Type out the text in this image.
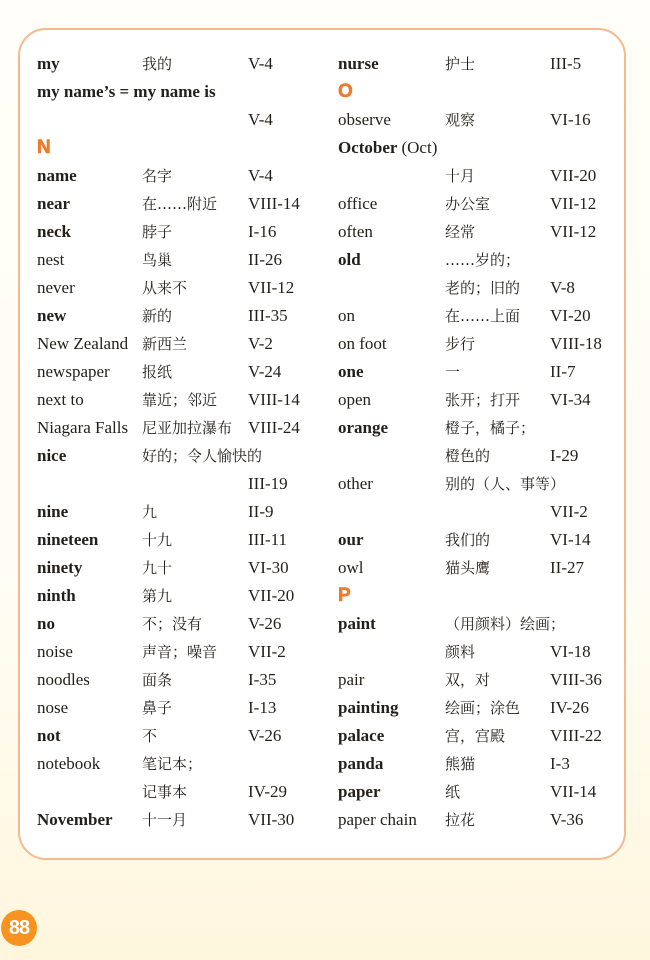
my	我的	V-4
my name’s = my name is
V-4
N
name	名字	V-4
near	在……附近 VIII-14
neck	脖子	I-16
nest	鸟巢	II-26
never	从来不	VII-12
new	新的	III-35
New Zealand 新西兰	V-2
newspaper 报纸	V-24
next to	靠近；邻近 VIII-14
Niagara Falls 尼亚加拉瀑布 VIII-24
nice	好的；令人愉快的
III-19
nine	九	II-9
nineteen	十九	III-11
ninety	九十	VI-30
ninth	第九	VII-20
no	不；没有	V-26
noise	声音；噪音 VII-2
noodles	面条	I-35
nose	鼻子	I-13
not	不	V-26
notebook	笔记本；
记事本	IV-29
November 十一月	VII-30
nurse	护士	III-5
O
observe	观察	VI-16
October (Oct)
十月	VII-20
office	办公室	VII-12
often	经常	VII-12
old	……岁的；
老的；旧的 V-8
on	在……上面 VI-20
on foot	步行	VIII-18
one	一	II-7
open	张开；打开 VI-34
orange	橙子，橘子；
橙色的	I-29
other	别的（人、事等）
VII-2
our	我们的	VI-14
owl	猫头鹰	II-27
P
paint	（用颜料）绘画；
颜料	VI-18
pair	双，对	VIII-36
painting	绘画；涂色 IV-26
palace	宫，宫殿	VIII-22
panda	熊猫	I-3
paper	纸	VII-14
paper chain 拉花	V-36
88
